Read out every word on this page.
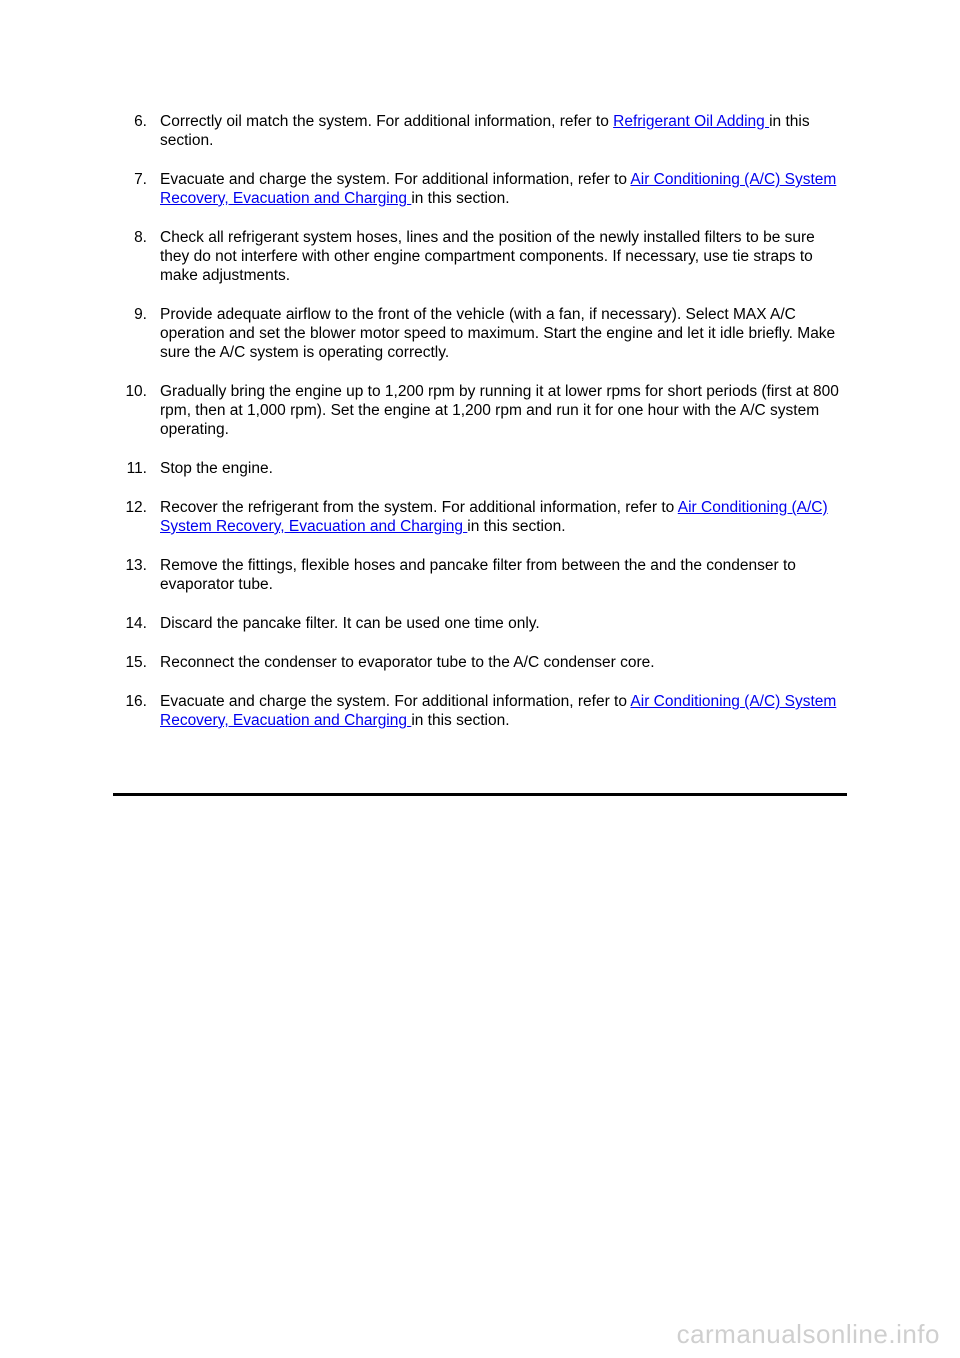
6. Correctly oil match the system. For additional information, refer to Refrigerant Oil Adding in this section.
7. Evacuate and charge the system. For additional information, refer to Air Conditioning (A/C) System Recovery, Evacuation and Charging in this section.
8. Check all refrigerant system hoses, lines and the position of the newly installed filters to be sure they do not interfere with other engine compartment components. If necessary, use tie straps to make adjustments.
9. Provide adequate airflow to the front of the vehicle (with a fan, if necessary). Select MAX A/C operation and set the blower motor speed to maximum. Start the engine and let it idle briefly. Make sure the A/C system is operating correctly.
10. Gradually bring the engine up to 1,200 rpm by running it at lower rpms for short periods (first at 800 rpm, then at 1,000 rpm). Set the engine at 1,200 rpm and run it for one hour with the A/C system operating.
11. Stop the engine.
12. Recover the refrigerant from the system. For additional information, refer to Air Conditioning (A/C) System Recovery, Evacuation and Charging in this section.
13. Remove the fittings, flexible hoses and pancake filter from between the and the condenser to evaporator tube.
14. Discard the pancake filter. It can be used one time only.
15. Reconnect the condenser to evaporator tube to the A/C condenser core.
16. Evacuate and charge the system. For additional information, refer to Air Conditioning (A/C) System Recovery, Evacuation and Charging in this section.
carmanualsonline.info
